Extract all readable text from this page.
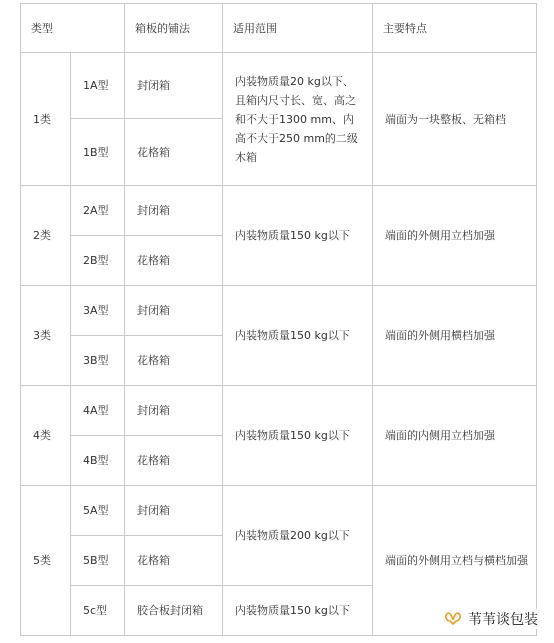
类型		箱板的铺法	适用范围	主要特点
1类	1A型	封闭箱	内装物质量20 kg以下、且箱内尺寸长、宽、高之和不大于1300 mm、内高不大于250 mm的二级木箱	端面为一块整板、无箱档
	1B型	花格箱		
2类	2A型	封闭箱	内装物质量150 kg以下	端面的外侧用立档加强
	2B型	花格箱		
3类	3A型	封闭箱	内装物质量150 kg以下	端面的外侧用横档加强
	3B型	花格箱		
4类	4A型	封闭箱	内装物质量150 kg以下	端面的内侧用立档加强
	4B型	花格箱		
5类	5A型	封闭箱	内装物质量200 kg以下	端面的外侧用立档与横档加强
	5B型	花格箱		
	5c型	胶合板封闭箱	内装物质量150 kg以下	
苇苇谈包装
